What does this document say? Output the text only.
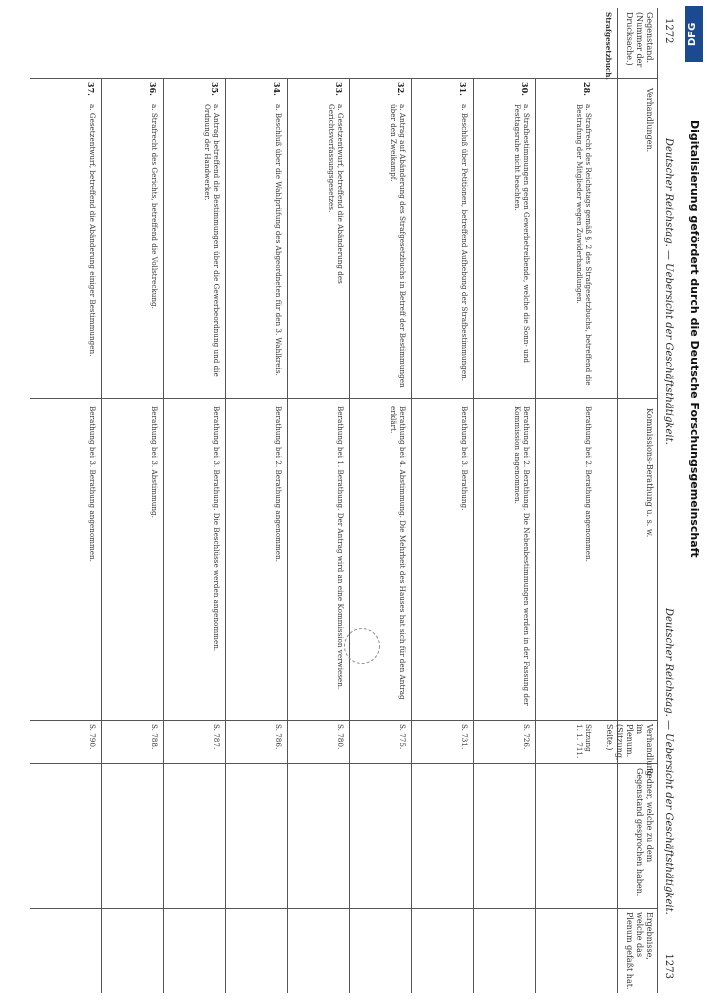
1272
Deutscher Reichstag. — Uebersicht der Geschäftsthätigkeit.
Deutscher Reichstag. — Uebersicht der Geschäftsthätigkeit.
1273
Gegenstand. (Nummer der Drucksache.)
Verhandlungen.
Kommissions-Berathung u. s. w.
Verhandlung im Plenum. (Sitzung, Seite.)
Redner, welche zu dem Gegenstand gesprochen haben.
Ergebnisse, welche das Plenum gefaßt hat.
Strafgesetzbuch.
28.
a. Strafrecht des Reichstags gemäß §. 2 des Strafgesetzbuchs, betreffend die Bestrafung der Mitglieder wegen Zuwiderhandlungen.
Berathung bei 2. Berathung angenommen.
Sitzung 1. 1. 711.
30.
a. Strafbestimmungen gegen Gewerbetreibende, welche die Sonn- und Festtagsruhe nicht beachten.
Berathung bei 2. Berathung. Die Nebenbestimmungen werden in der Fassung der Kommission angenommen.
S. 726.
31.
a. Beschluß über Petitionen, betreffend Aufhebung der Strafbestimmungen.
Berathung bei 3. Berathung.
S. 731.
32.
a. Antrag auf Abänderung des Strafgesetzbuchs in Betreff der Bestimmungen über den Zweikampf.
Berathung bei 4. Abstimmung. Die Mehrheit des Hauses hat sich für den Antrag erklärt.
S. 775.
33.
a. Gesetzentwurf, betreffend die Abänderung des Gerichtsverfassungsgesetzes.
Berathung bei 1. Berathung. Der Antrag wird an eine Kommission verwiesen.
S. 780.
34.
a. Beschluß über die Wahlprüfung des Abgeordneten für den 3. Wahlkreis.
Berathung bei 2. Berathung angenommen.
S. 786.
35.
a. Antrag betreffend die Bestimmungen über die Gewerbeordnung und die Ordnung der Handwerker.
Berathung bei 3. Berathung. Die Beschlüsse werden angenommen.
S. 787.
36.
a. Strafrecht des Gerichts, betreffend die Vollstreckung.
Berathung bei 3. Abstimmung.
S. 788.
37.
a. Gesetzentwurf, betreffend die Abänderung einiger Bestimmungen.
Berathung bei 3. Berathung angenommen.
S. 790.
Digitalisierung gefördert durch die Deutsche Forschungsgemeinschaft
DFG
